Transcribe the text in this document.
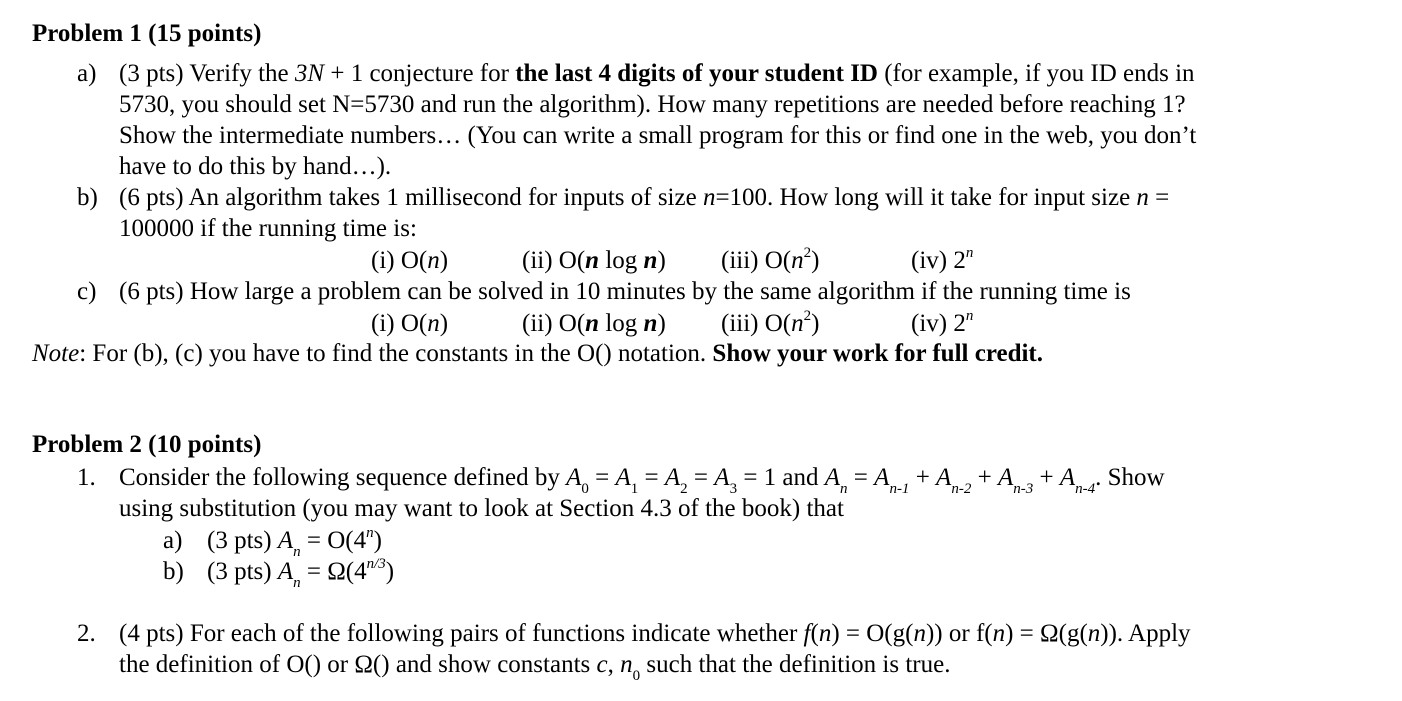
Problem 1 (15 points)
a) (3 pts) Verify the 3N + 1 conjecture for the last 4 digits of your student ID (for example, if you ID ends in
5730, you should set N=5730 and run the algorithm). How many repetitions are needed before reaching 1?
Show the intermediate numbers… (You can write a small program for this or find one in the web, you don’t
have to do this by hand…).
b) (6 pts) An algorithm takes 1 millisecond for inputs of size n=100. How long will it take for input size n =
100000 if the running time is:
(i) O(n)	(ii) O(n log n) (iii) $O(n^2)$	(iv) 2$^n$
c) (6 pts) How large a problem can be solved in 10 minutes by the same algorithm if the running time is
(i) O(n)	(ii) O(n log n) (iii) $O(n^2)$	(iv) 2$^n$
Note: For (b), (c) you have to find the constants in the O() notation. Show your work for full credit.
Problem 2 (10 points)
1. Consider the following sequence defined by $A_0 = A_1 = A_2 = A_3 = 1$ and $A_n = A_{n-1} + A_{n-2} + A_{n-3} + A_{n-4}$. Show
using substitution (you may want to look at Section 4.3 of the book) that
a) (3 pts) $A_n = O(4^n)$
b) (3 pts) $A_n = \Omega(4^{n/3})$
2. (4 pts) For each of the following pairs of functions indicate whether f(n) = O(g(n)) or f(n) = Ω(g(n)). Apply
the definition of O() or Ω() and show constants c, $n_0$ such that the definition is true.
